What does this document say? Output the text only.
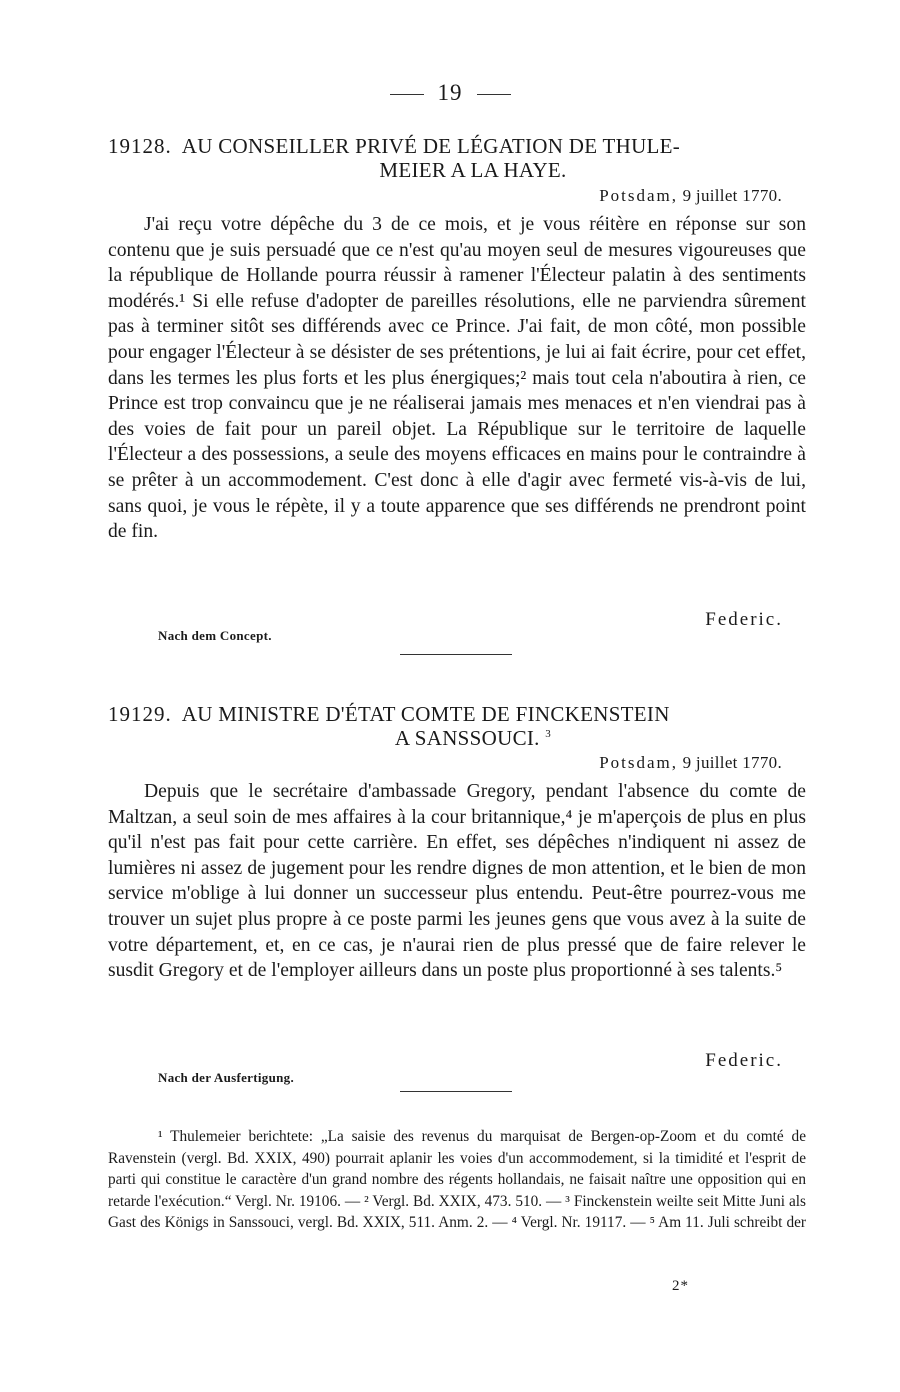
19
19128. AU CONSEILLER PRIVÉ DE LÉGATION DE THULE-
MEIER A LA HAYE.
Potsdam, 9 juillet 1770.
J'ai reçu votre dépêche du 3 de ce mois, et je vous réitère en réponse sur son contenu que je suis persuadé que ce n'est qu'au moyen seul de mesures vigoureuses que la république de Hollande pourra réussir à ramener l'Électeur palatin à des sentiments modérés.¹ Si elle refuse d'adopter de pareilles résolutions, elle ne parviendra sûrement pas à terminer sitôt ses différends avec ce Prince. J'ai fait, de mon côté, mon possible pour engager l'Électeur à se désister de ses prétentions, je lui ai fait écrire, pour cet effet, dans les termes les plus forts et les plus énergiques;² mais tout cela n'aboutira à rien, ce Prince est trop convaincu que je ne réaliserai jamais mes menaces et n'en viendrai pas à des voies de fait pour un pareil objet. La République sur le territoire de laquelle l'Électeur a des possessions, a seule des moyens efficaces en mains pour le contraindre à se prêter à un accommodement. C'est donc à elle d'agir avec fermeté vis-à-vis de lui, sans quoi, je vous le répète, il y a toute apparence que ses différends ne prendront point de fin.
Federic.
Nach dem Concept.
19129. AU MINISTRE D'ÉTAT COMTE DE FINCKENSTEIN
A SANSSOUCI. $^3$
Potsdam, 9 juillet 1770.
Depuis que le secrétaire d'ambassade Gregory, pendant l'absence du comte de Maltzan, a seul soin de mes affaires à la cour britannique,⁴ je m'aperçois de plus en plus qu'il n'est pas fait pour cette carrière. En effet, ses dépêches n'indiquent ni assez de lumières ni assez de jugement pour les rendre dignes de mon attention, et le bien de mon service m'oblige à lui donner un successeur plus entendu. Peut-être pourrez-vous me trouver un sujet plus propre à ce poste parmi les jeunes gens que vous avez à la suite de votre département, et, en ce cas, je n'aurai rien de plus pressé que de faire relever le susdit Gregory et de l'employer ailleurs dans un poste plus proportionné à ses talents.⁵
Federic.
Nach der Ausfertigung.
¹ Thulemeier berichtete: „La saisie des revenus du marquisat de Bergen-op-Zoom et du comté de Ravenstein (vergl. Bd. XXIX, 490) pourrait aplanir les voies d'un accommodement, si la timidité et l'esprit de parti qui constitue le caractère d'un grand nombre des régents hollandais, ne faisait naître une opposition qui en retarde l'exécution.“ Vergl. Nr. 19106. — ² Vergl. Bd. XXIX, 473. 510. — ³ Finckenstein weilte seit Mitte Juni als Gast des Königs in Sanssouci, vergl. Bd. XXIX, 511. Anm. 2. — ⁴ Vergl. Nr. 19117. — ⁵ Am 11. Juli schreibt der
2*
